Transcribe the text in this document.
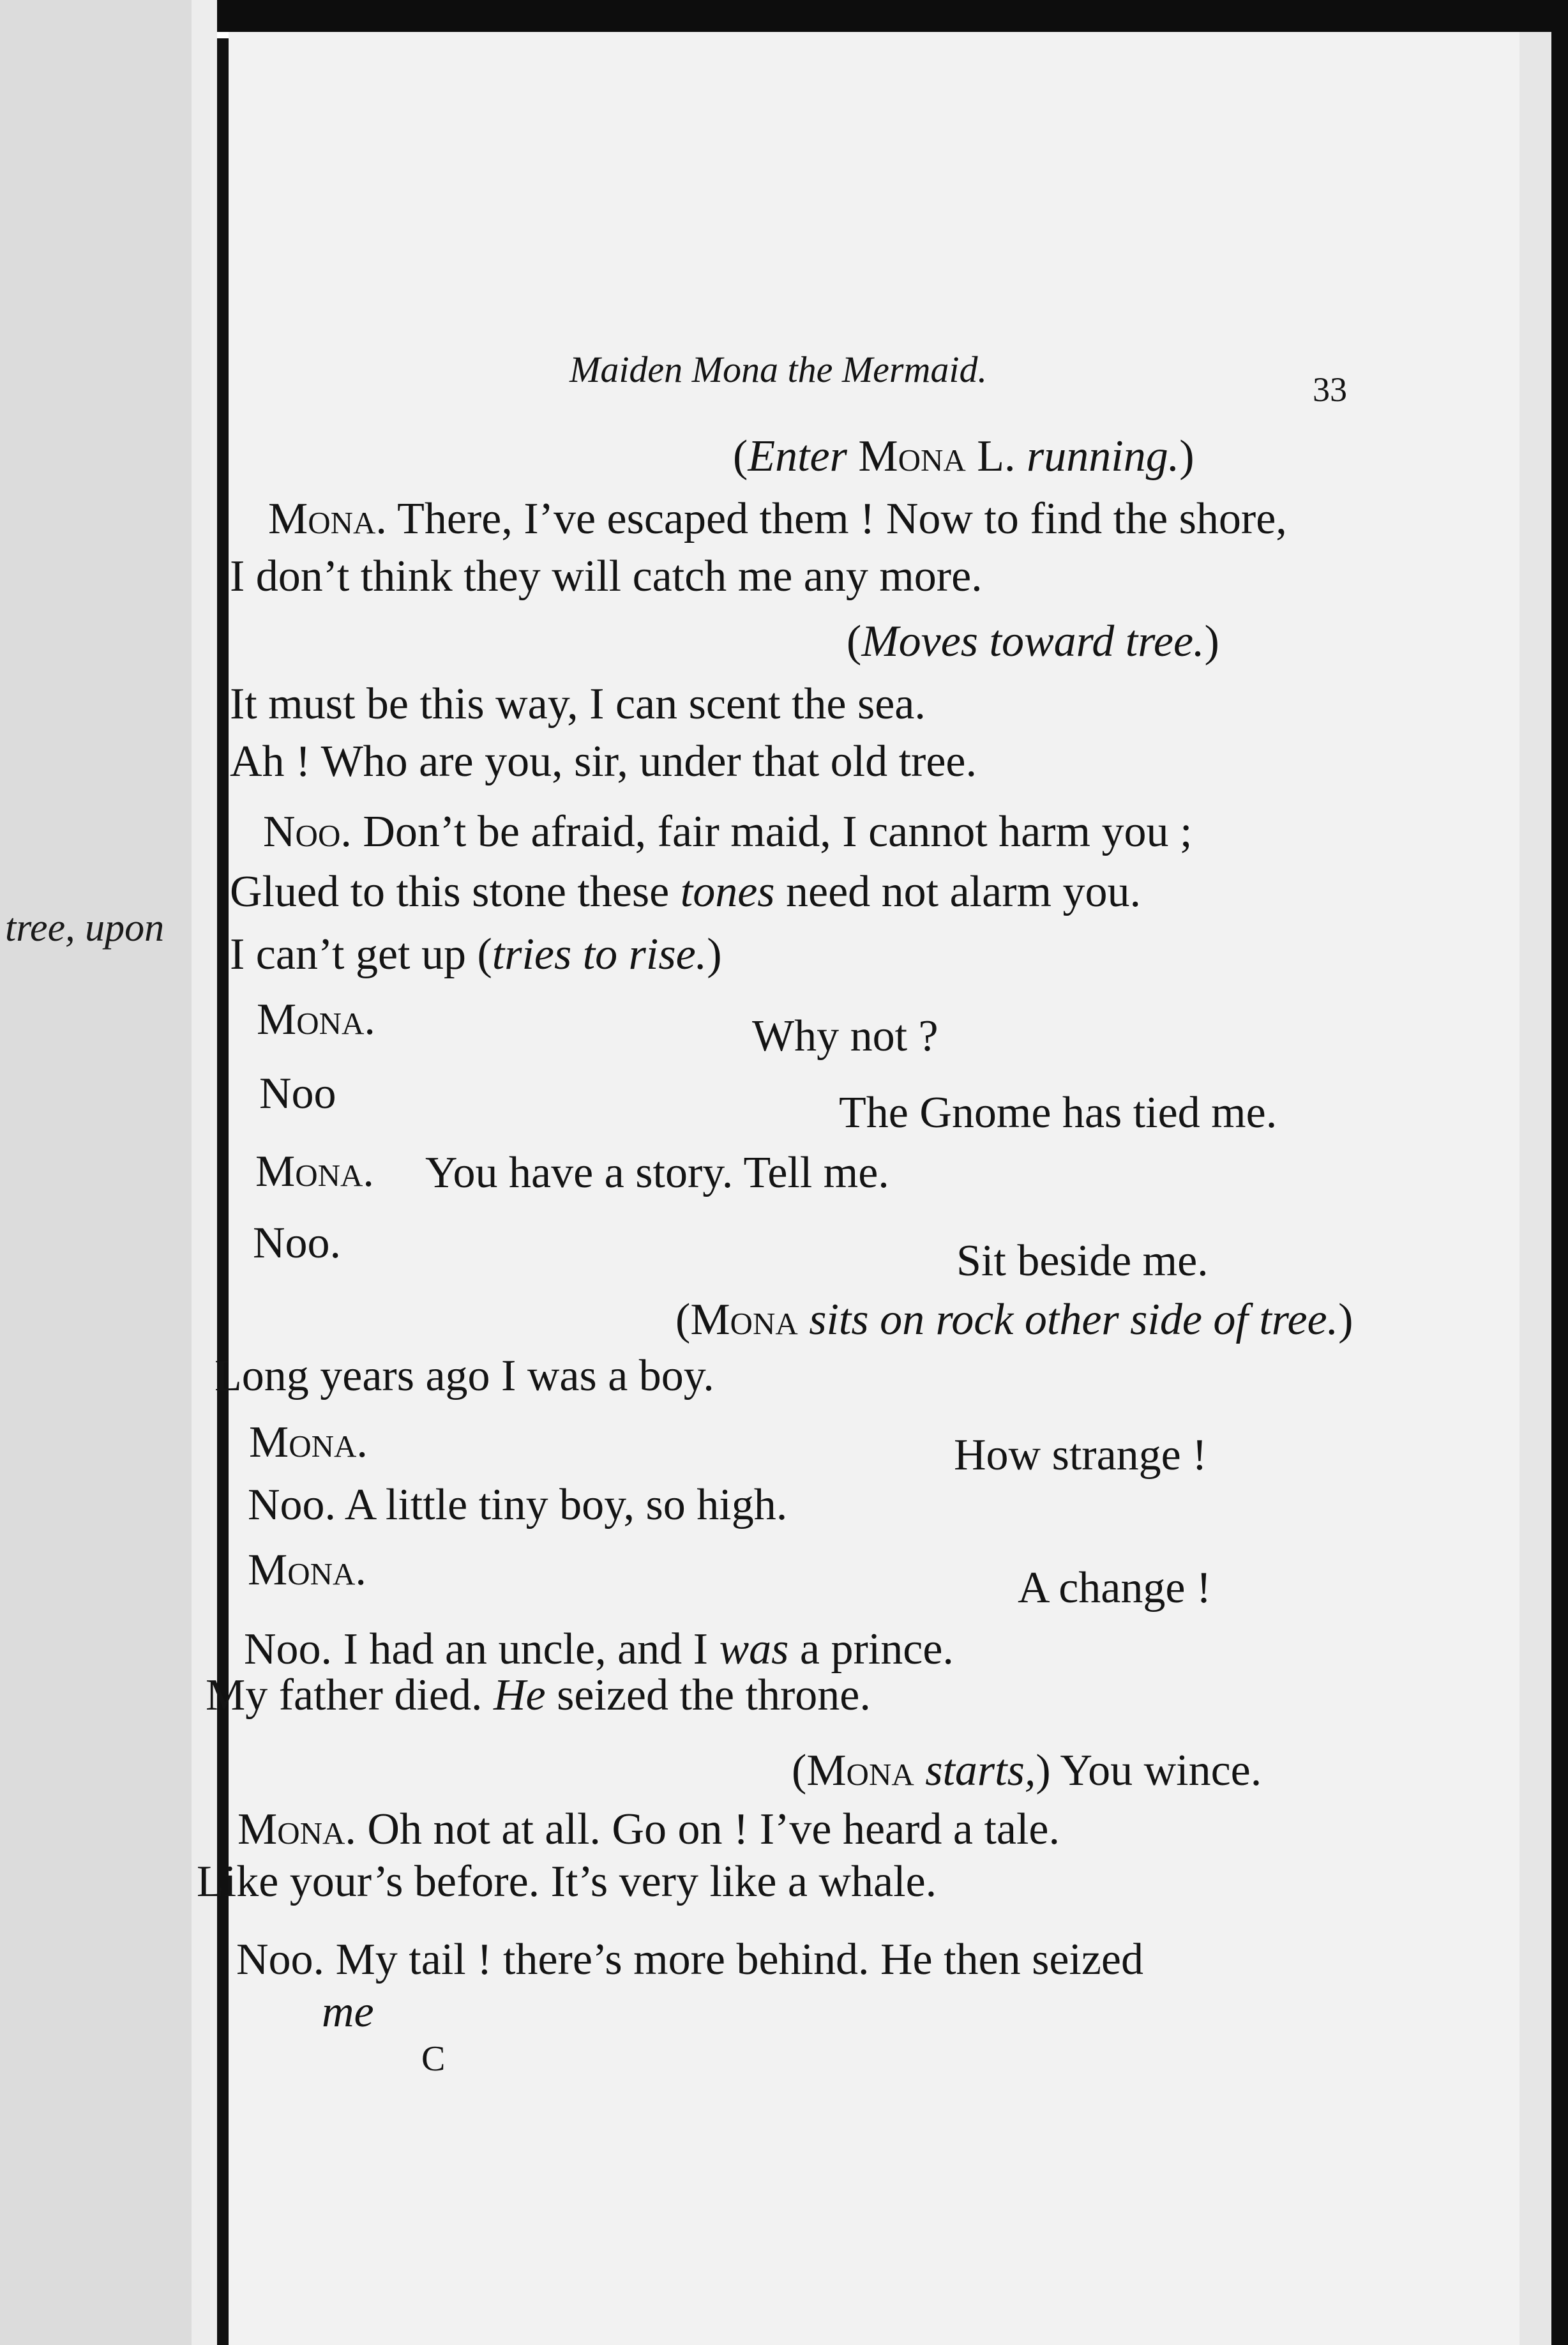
tree, upon
Maiden Mona the Mermaid.	33
(Enter Mona L. running.)
Mona. There, I’ve escaped them ! Now to find the shore,
I don’t think they will catch me any more.
(Moves toward tree.)
It must be this way, I can scent the sea.
Ah ! Who are you, sir, under that old tree.
Noo. Don’t be afraid, fair maid, I cannot harm you ;
Glued to this stone these tones need not alarm you.
I can’t get up (tries to rise.)
Mona.	Why not ?
Noo	The Gnome has tied me.
Mona. You have a story. Tell me.
Noo.	Sit beside me.
(Mona sits on rock other side of tree.)
Long years ago I was a boy.
Mona.	How strange !
Noo. A little tiny boy, so high.
Mona.	A change !
Noo. I had an uncle, and I was a prince.
My father died. He seized the throne.
(Mona starts,) You wince.
Mona. Oh not at all. Go on ! I’ve heard a tale.
Like your’s before. It’s very like a whale.
Noo. My tail ! there’s more behind. He then seized
me
C
